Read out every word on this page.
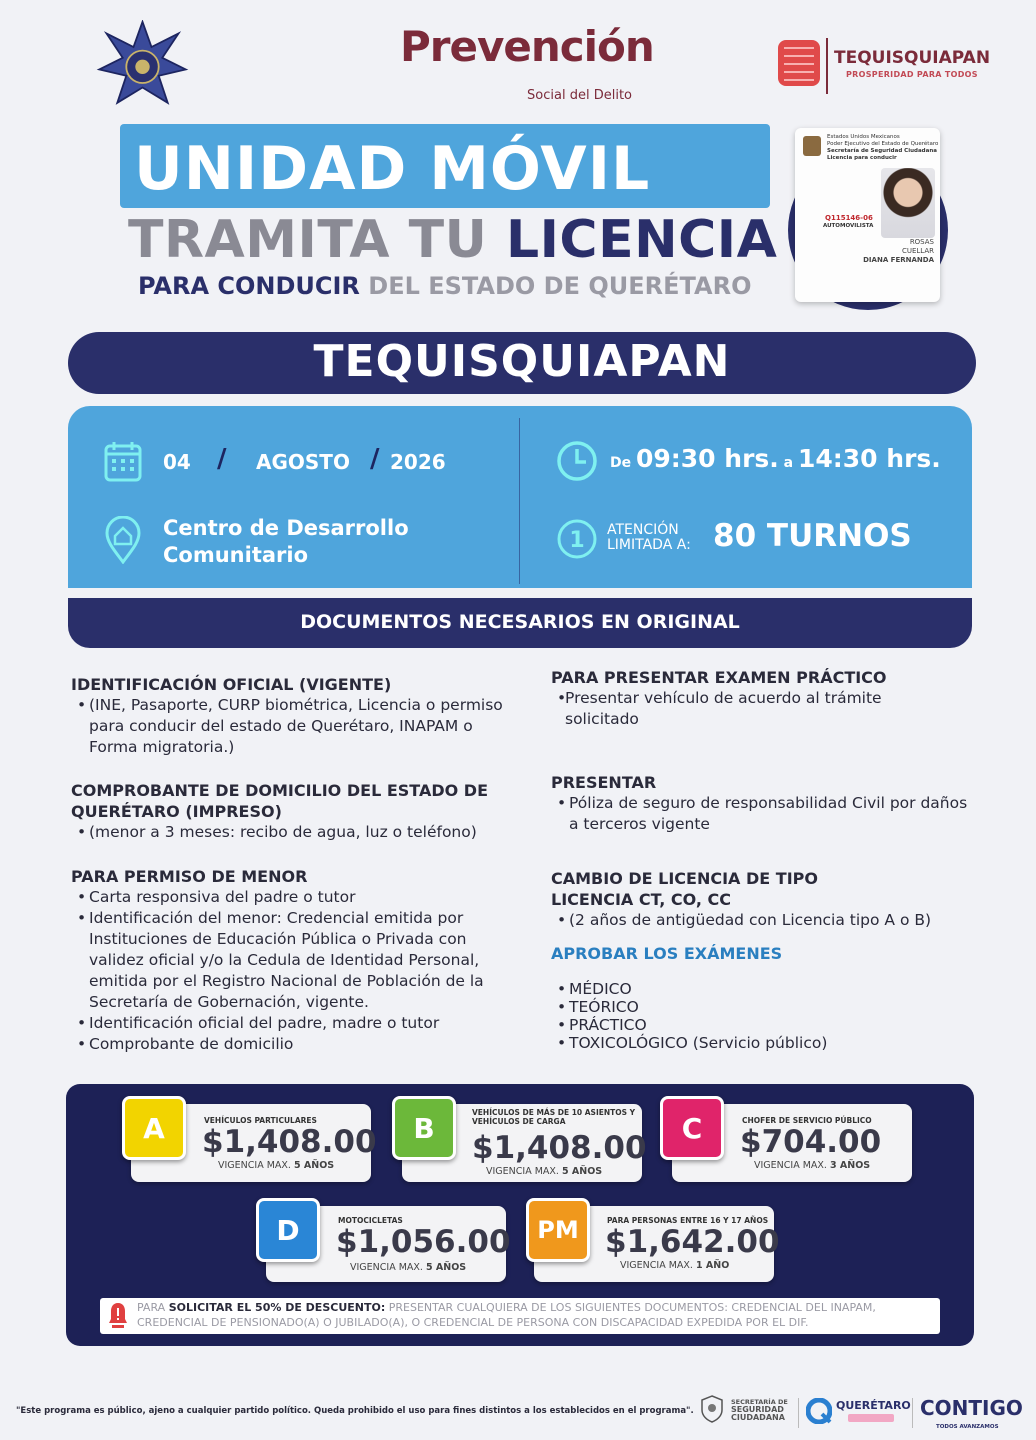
Prevención
Social del Delito
TEQUISQUIAPAN
PROSPERIDAD PARA TODOS
UNIDAD MÓVIL
TRAMITA TU LICENCIA
PARA CONDUCIR DEL ESTADO DE QUERÉTARO
Estados Unidos Mexicanos
Poder Ejecutivo del Estado de Querétaro
Secretaría de Seguridad Ciudadana
Licencia para conducir
Q115146-06
AUTOMOVILISTA
ROSAS
CUELLAR
DIANA FERNANDA
TEQUISQUIAPAN
04 / AGOSTO / 2026
Centro de Desarrollo
Comunitario
De 09:30 hrs. a 14:30 hrs.
1 ATENCIÓN
LIMITADA A: 80 TURNOS
DOCUMENTOS NECESARIOS EN ORIGINAL
IDENTIFICACIÓN OFICIAL (VIGENTE)
• (INE, Pasaporte, CURP biométrica, Licencia o permiso para conducir del estado de Querétaro, INAPAM o Forma migratoria.)
COMPROBANTE DE DOMICILIO DEL ESTADO DE QUERÉTARO (IMPRESO)
• (menor a 3 meses: recibo de agua, luz o teléfono)
PARA PERMISO DE MENOR
• Carta responsiva del padre o tutor
• Identificación del menor: Credencial emitida por Instituciones de Educación Pública o Privada con validez oficial y/o la Cedula de Identidad Personal, emitida por el Registro Nacional de Población de la Secretaría de Gobernación, vigente.
• Identificación oficial del padre, madre o tutor
• Comprobante de domicilio
PARA PRESENTAR EXAMEN PRÁCTICO
• Presentar vehículo de acuerdo al trámite solicitado
PRESENTAR
• Póliza de seguro de responsabilidad Civil por daños a terceros vigente
CAMBIO DE LICENCIA DE TIPO
LICENCIA CT, CO, CC
• (2 años de antigüedad con Licencia tipo A o B)
APROBAR LOS EXÁMENES
• MÉDICO
• TEÓRICO
• PRÁCTICO
• TOXICOLÓGICO (Servicio público)
A	VEHÍCULOS PARTICULARES
$1,408.00
VIGENCIA MAX. 5 AÑOS
B	VEHÍCULOS DE MÁS DE 10 ASIENTOS Y VEHÍCULOS DE CARGA
$1,408.00
VIGENCIA MAX. 5 AÑOS
C	CHOFER DE SERVICIO PÚBLICO
$704.00
VIGENCIA MAX. 3 AÑOS
D	MOTOCICLETAS
$1,056.00
VIGENCIA MAX. 5 AÑOS
PM	PARA PERSONAS ENTRE 16 Y 17 AÑOS
$1,642.00
VIGENCIA MAX. 1 AÑO
PARA SOLICITAR EL 50% DE DESCUENTO: PRESENTAR CUALQUIERA DE LOS SIGUIENTES DOCUMENTOS: CREDENCIAL DEL INAPAM, CREDENCIAL DE PENSIONADO(A) O JUBILADO(A), O CREDENCIAL DE PERSONA CON DISCAPACIDAD EXPEDIDA POR EL DIF.
"Este programa es público, ajeno a cualquier partido político. Queda prohibido el uso para fines distintos a los establecidos en el programa".
SECRETARÍA DE
SEGURIDAD
CIUDADANA
QUERÉTARO CONTIGO
TODOS AVANZAMOS
